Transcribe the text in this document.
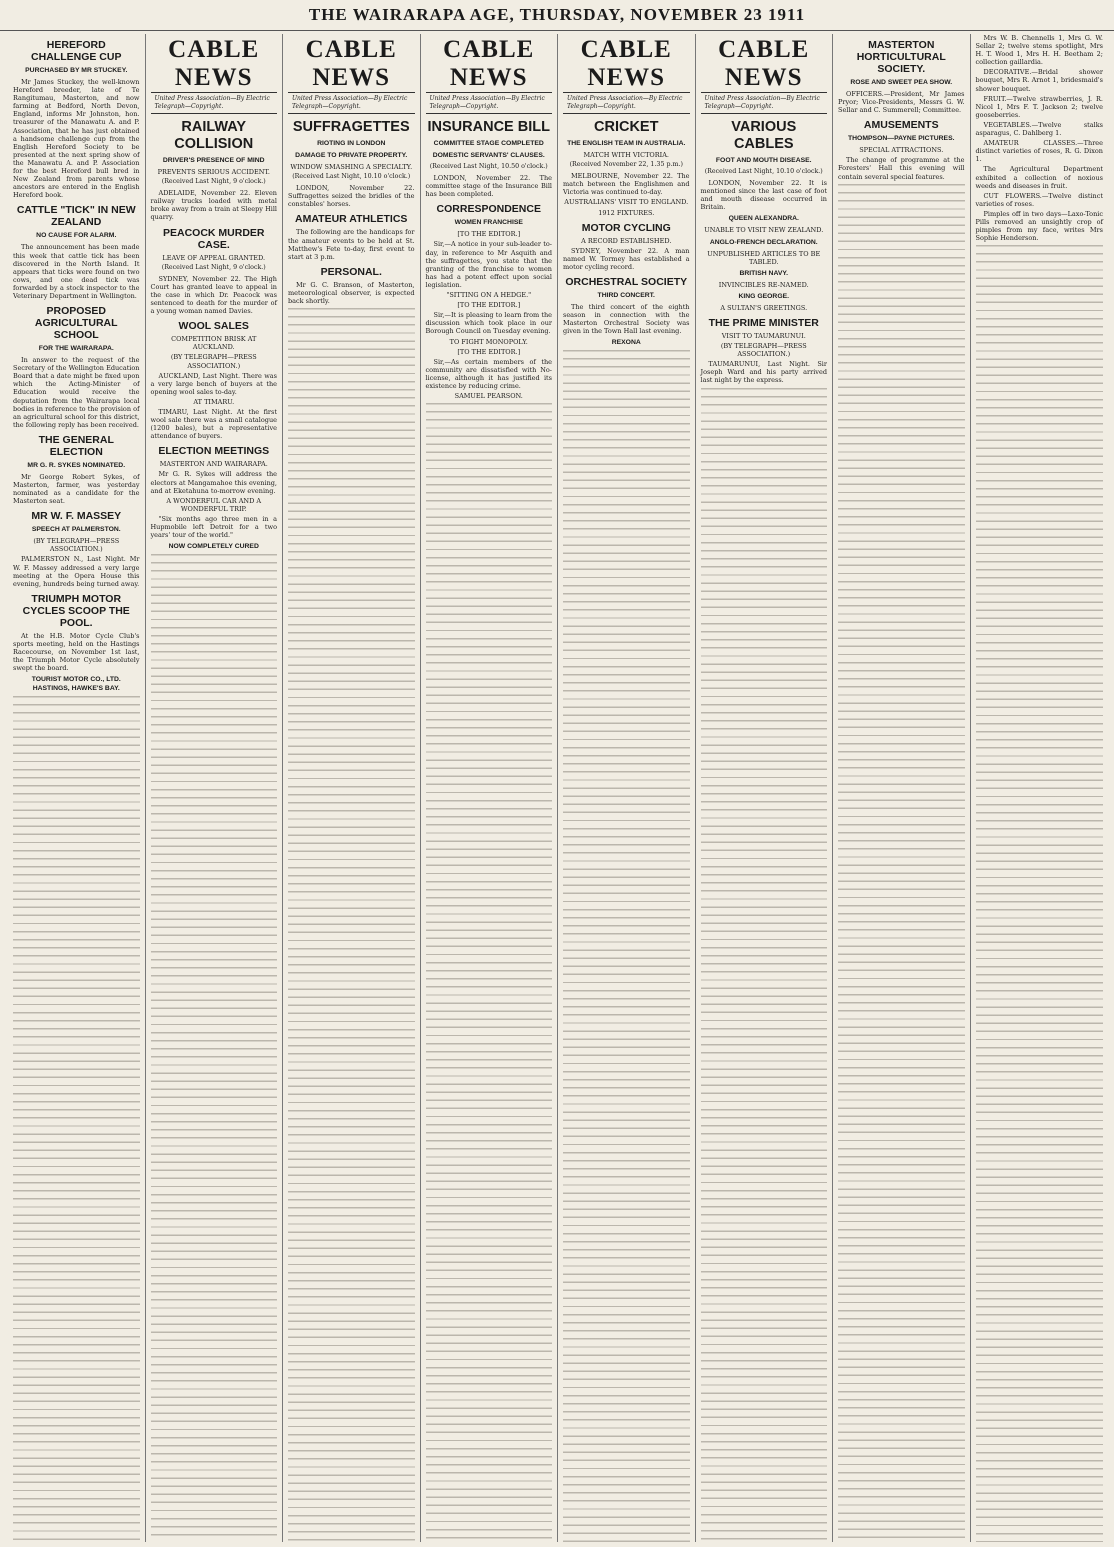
THE WAIRARAPA AGE, THURSDAY, NOVEMBER 23 1911
HEREFORD CHALLENGE CUP
PURCHASED BY MR STUCKEY.
Mr James Stuckey, the well-known Hereford breeder, late of Te Rangitumau, Masterton, and now farming at Bedford, North Devon, England, informs Mr Johnston, hon. treasurer of the Manawatu A. and P. Association, that he has just obtained a handsome challenge cup from the English Hereford Society to be presented at the next spring show of the Manawatu A. and P. Association for the best Hereford bull bred in New Zealand from parents whose ancestors are entered in the English Hereford book.
CATTLE "TICK" IN NEW ZEALAND
NO CAUSE FOR ALARM.
The announcement has been made this week that cattle tick has been discovered in the North Island. It appears that ticks were found on two cows, and one dead tick was forwarded by a stock inspector to the Veterinary Department in Wellington.
PROPOSED AGRICULTURAL SCHOOL
FOR THE WAIRARAPA.
In answer to the request of the Secretary of the Wellington Education Board that a date might be fixed upon which the Acting-Minister of Education would receive the deputation from the Wairarapa local bodies in reference to the provision of an agricultural school for this district, the following reply has been received.
THE GENERAL ELECTION
MR G. R. SYKES NOMINATED.
Mr George Robert Sykes, of Masterton, farmer, was yesterday nominated as a candidate for the Masterton seat.
MR W. F. MASSEY
SPEECH AT PALMERSTON.
(BY TELEGRAPH—PRESS ASSOCIATION.)
PALMERSTON N., Last Night. Mr W. F. Massey addressed a very large meeting at the Opera House this evening, hundreds being turned away.
TRIUMPH MOTOR CYCLES SCOOP THE POOL.
At the H.B. Motor Cycle Club's sports meeting, held on the Hastings Racecourse, on November 1st last, the Triumph Motor Cycle absolutely swept the board.
TOURIST MOTOR CO., LTD. HASTINGS, HAWKE'S BAY.
CABLE NEWS
United Press Association—By Electric Telegraph—Copyright.
RAILWAY COLLISION
DRIVER'S PRESENCE OF MIND
PREVENTS SERIOUS ACCIDENT.
(Received Last Night, 9 o'clock.)
ADELAIDE, November 22. Eleven railway trucks loaded with metal broke away from a train at Sleepy Hill quarry.
PEACOCK MURDER CASE.
LEAVE OF APPEAL GRANTED.
(Received Last Night, 9 o'clock.)
SYDNEY, November 22. The High Court has granted leave to appeal in the case in which Dr. Peacock was sentenced to death for the murder of a young woman named Davies.
WOOL SALES
COMPETITION BRISK AT AUCKLAND.
(BY TELEGRAPH—PRESS ASSOCIATION.)
AUCKLAND, Last Night. There was a very large bench of buyers at the opening wool sales to-day.
AT TIMARU.
TIMARU, Last Night. At the first wool sale there was a small catalogue (1200 bales), but a representative attendance of buyers.
ELECTION MEETINGS
MASTERTON AND WAIRARAPA.
Mr G. R. Sykes will address the electors at Mangamahoe this evening, and at Eketahuna to-morrow evening.
A WONDERFUL CAR AND A WONDERFUL TRIP.
"Six months ago three men in a Hupmobile left Detroit for a two years' tour of the world."
NOW COMPLETELY CURED
CABLE NEWS
United Press Association—By Electric Telegraph—Copyright.
SUFFRAGETTES
RIOTING IN LONDON
DAMAGE TO PRIVATE PROPERTY.
WINDOW SMASHING A SPECIALTY.
(Received Last Night, 10.10 o'clock.)
LONDON, November 22. Suffragettes seized the bridles of the constables' horses.
AMATEUR ATHLETICS
The following are the handicaps for the amateur events to be held at St. Matthew's Fete to-day, first event to start at 3 p.m.
PERSONAL.
Mr G. C. Branson, of Masterton, meteorological observer, is expected back shortly.
CABLE NEWS
United Press Association—By Electric Telegraph—Copyright.
INSURANCE BILL
COMMITTEE STAGE COMPLETED
DOMESTIC SERVANTS' CLAUSES.
(Received Last Night, 10.50 o'clock.)
LONDON, November 22. The committee stage of the Insurance Bill has been completed.
CORRESPONDENCE
WOMEN FRANCHISE
[TO THE EDITOR.]
Sir,—A notice in your sub-leader to-day, in reference to Mr Asquith and the suffragettes, you state that the granting of the franchise to women has had a potent effect upon social legislation.
"SITTING ON A HEDGE."
[TO THE EDITOR.]
Sir,—It is pleasing to learn from the discussion which took place in our Borough Council on Tuesday evening.
TO FIGHT MONOPOLY.
[TO THE EDITOR.]
Sir,—As certain members of the community are dissatisfied with No-license, although it has justified its existence by reducing crime.
SAMUEL PEARSON.
CABLE NEWS
United Press Association—By Electric Telegraph—Copyright.
CRICKET
THE ENGLISH TEAM IN AUSTRALIA.
MATCH WITH VICTORIA.
(Received November 22, 1.35 p.m.)
MELBOURNE, November 22. The match between the Englishmen and Victoria was continued to-day.
AUSTRALIANS' VISIT TO ENGLAND.
1912 FIXTURES.
MOTOR CYCLING
A RECORD ESTABLISHED.
SYDNEY, November 22. A man named W. Tormey has established a motor cycling record.
ORCHESTRAL SOCIETY
THIRD CONCERT.
The third concert of the eighth season in connection with the Masterton Orchestral Society was given in the Town Hall last evening.
REXONA
CABLE NEWS
United Press Association—By Electric Telegraph—Copyright.
VARIOUS CABLES
FOOT AND MOUTH DISEASE.
(Received Last Night, 10.10 o'clock.)
LONDON, November 22. It is mentioned since the last case of foot and mouth disease occurred in Britain.
QUEEN ALEXANDRA.
UNABLE TO VISIT NEW ZEALAND.
ANGLO-FRENCH DECLARATION.
UNPUBLISHED ARTICLES TO BE TABLED.
BRITISH NAVY.
INVINCIBLES RE-NAMED.
KING GEORGE.
A SULTAN'S GREETINGS.
THE PRIME MINISTER
VISIT TO TAUMARUNUI.
(BY TELEGRAPH—PRESS ASSOCIATION.)
TAUMARUNUI, Last Night. Sir Joseph Ward and his party arrived last night by the express.
MASTERTON HORTICULTURAL SOCIETY.
ROSE AND SWEET PEA SHOW.
OFFICERS.—President, Mr James Pryor; Vice-Presidents, Messrs G. W. Sellar and C. Summerell; Committee.
AMUSEMENTS
THOMPSON—PAYNE PICTURES.
SPECIAL ATTRACTIONS.
The change of programme at the Foresters' Hall this evening will contain several special features.
Mrs W. B. Chennells 1, Mrs G. W. Sellar 2; twelve stems spotlight, Mrs H. T. Wood 1, Mrs H. H. Beetham 2; collection gaillardia.
DECORATIVE.—Bridal shower bouquet, Mrs R. Arnot 1, bridesmaid's shower bouquet.
FRUIT.—Twelve strawberries, J. R. Nicol 1, Mrs F. T. Jackson 2; twelve gooseberries.
VEGETABLES.—Twelve stalks asparagus, C. Dahlberg 1.
AMATEUR CLASSES.—Three distinct varieties of roses, R. G. Dixon 1.
The Agricultural Department exhibited a collection of noxious weeds and diseases in fruit.
CUT FLOWERS.—Twelve distinct varieties of roses.
Pimples off in two days—Laxo-Tonic Pills removed an unsightly crop of pimples from my face, writes Mrs Sophie Henderson.
